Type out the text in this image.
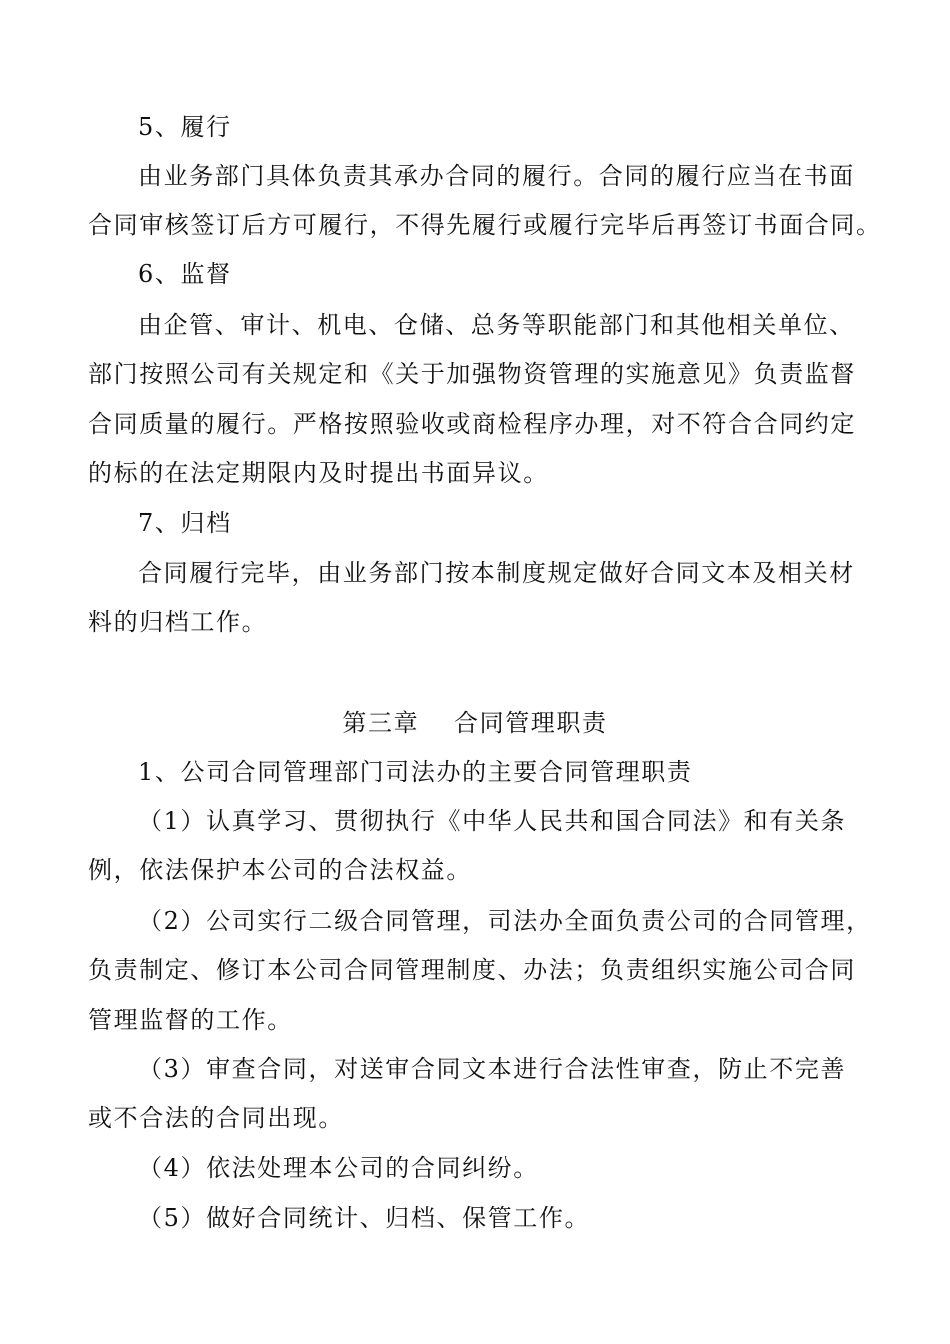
5、履行
由业务部门具体负责其承办合同的履行。合同的履行应当在书面
合同审核签订后方可履行，不得先履行或履行完毕后再签订书面合同。
6、监督
由企管、审计、机电、仓储、总务等职能部门和其他相关单位、
部门按照公司有关规定和《关于加强物资管理的实施意见》负责监督
合同质量的履行。严格按照验收或商检程序办理，对不符合合同约定
的标的在法定期限内及时提出书面异议。
7、归档
合同履行完毕，由业务部门按本制度规定做好合同文本及相关材
料的归档工作。
第三章　 合同管理职责
1、公司合同管理部门司法办的主要合同管理职责
（1）认真学习、贯彻执行《中华人民共和国合同法》和有关条
例，依法保护本公司的合法权益。
（2）公司实行二级合同管理，司法办全面负责公司的合同管理，
负责制定、修订本公司合同管理制度、办法；负责组织实施公司合同
管理监督的工作。
（3）审查合同，对送审合同文本进行合法性审查，防止不完善
或不合法的合同出现。
（4）依法处理本公司的合同纠纷。
（5）做好合同统计、归档、保管工作。
